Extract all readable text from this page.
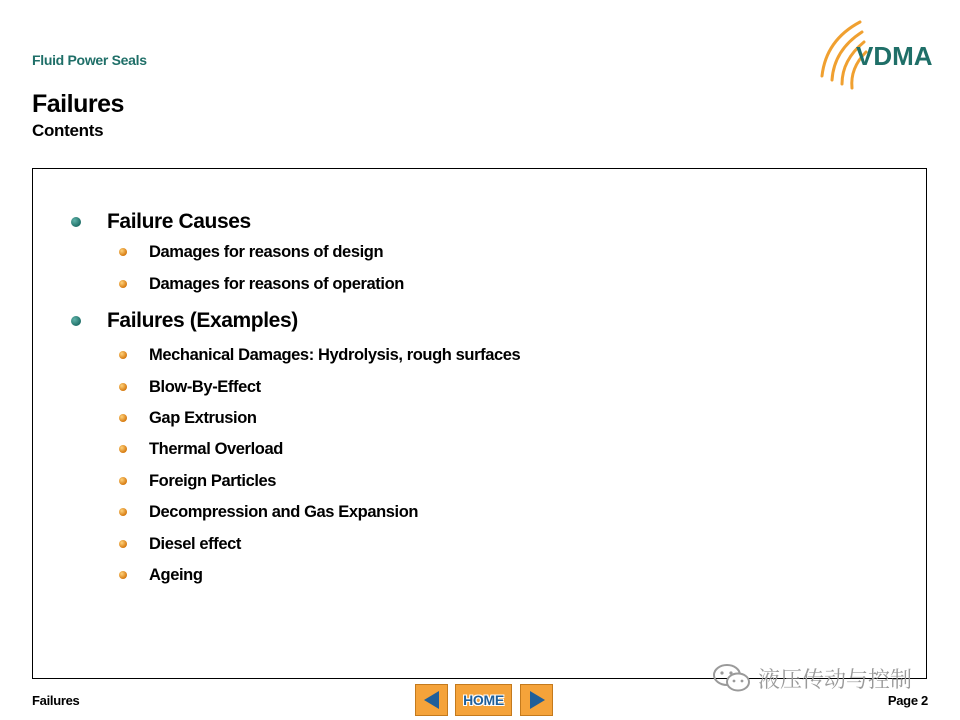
Fluid Power Seals	VDMA
Failures
Contents
Failure Causes
Damages for reasons of design
Damages for reasons of operation
Failures (Examples)
Mechanical Damages: Hydrolysis, rough surfaces
Blow-By-Effect
Gap Extrusion
Thermal Overload
Foreign Particles
Decompression and Gas Expansion
Diesel effect
Ageing
液压传动与控制
Failures	HOME	Page 2
